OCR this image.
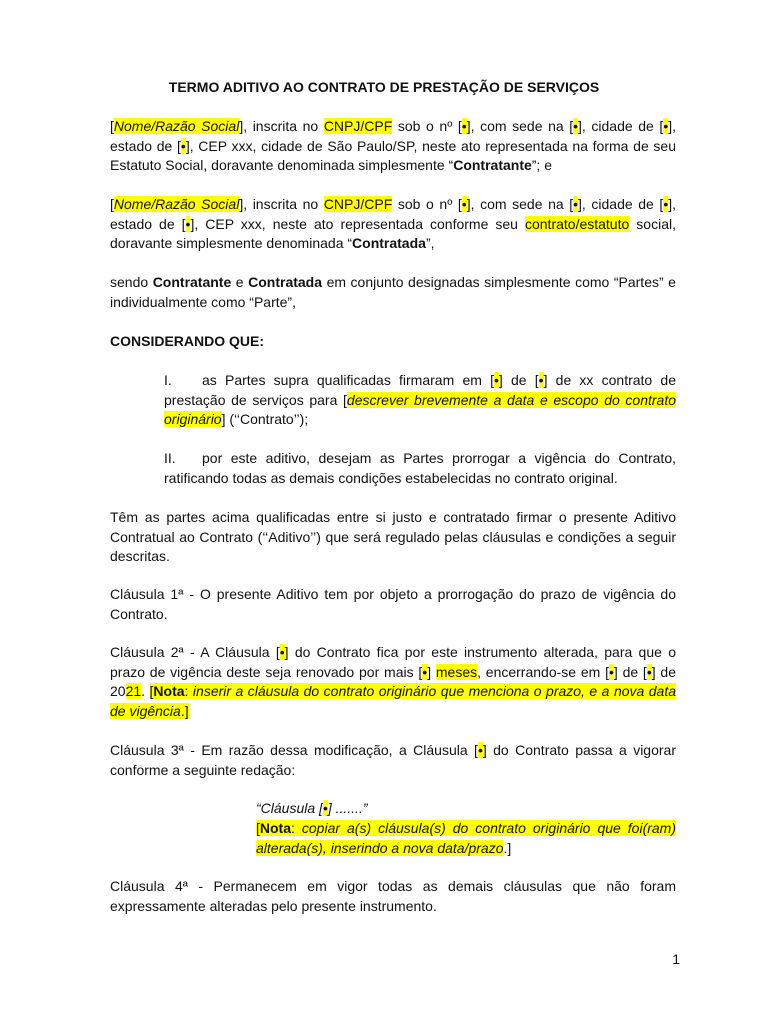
TERMO ADITIVO AO CONTRATO DE PRESTAÇÃO DE SERVIÇOS

[Nome/Razão Social], inscrita no CNPJ/CPF sob o nº [•], com sede na [•], cidade de [•], estado de [•], CEP xxx, cidade de São Paulo/SP, neste ato representada na forma de seu Estatuto Social, doravante denominada simplesmente “Contratante”; e

[Nome/Razão Social], inscrita no CNPJ/CPF sob o nº [•], com sede na [•], cidade de [•], estado de [•], CEP xxx, neste ato representada conforme seu contrato/estatuto social, doravante simplesmente denominada “Contratada”,

sendo Contratante e Contratada em conjunto designadas simplesmente como “Partes” e individualmente como “Parte”,

CONSIDERANDO QUE:

I. as Partes supra qualificadas firmaram em [•] de [•] de xx contrato de prestação de serviços para [descrever brevemente a data e escopo do contrato originário] (‘‘Contrato’’);

II. por este aditivo, desejam as Partes prorrogar a vigência do Contrato, ratificando todas as demais condições estabelecidas no contrato original.

Têm as partes acima qualificadas entre si justo e contratado firmar o presente Aditivo Contratual ao Contrato (‘‘Aditivo’’) que será regulado pelas cláusulas e condições a seguir descritas.

Cláusula 1ª - O presente Aditivo tem por objeto a prorrogação do prazo de vigência do Contrato.

Cláusula 2ª - A Cláusula [•] do Contrato fica por este instrumento alterada, para que o prazo de vigência deste seja renovado por mais [•] meses, encerrando-se em [•] de [•] de 2021. [Nota: inserir a cláusula do contrato originário que menciona o prazo, e a nova data de vigência.]

Cláusula 3ª - Em razão dessa modificação, a Cláusula [•] do Contrato passa a vigorar conforme a seguinte redação:

“Cláusula [•] .......”

[Nota: copiar a(s) cláusula(s) do contrato originário que foi(ram) alterada(s), inserindo a nova data/prazo.]

Cláusula 4ª - Permanecem em vigor todas as demais cláusulas que não foram expressamente alteradas pelo presente instrumento.

1
